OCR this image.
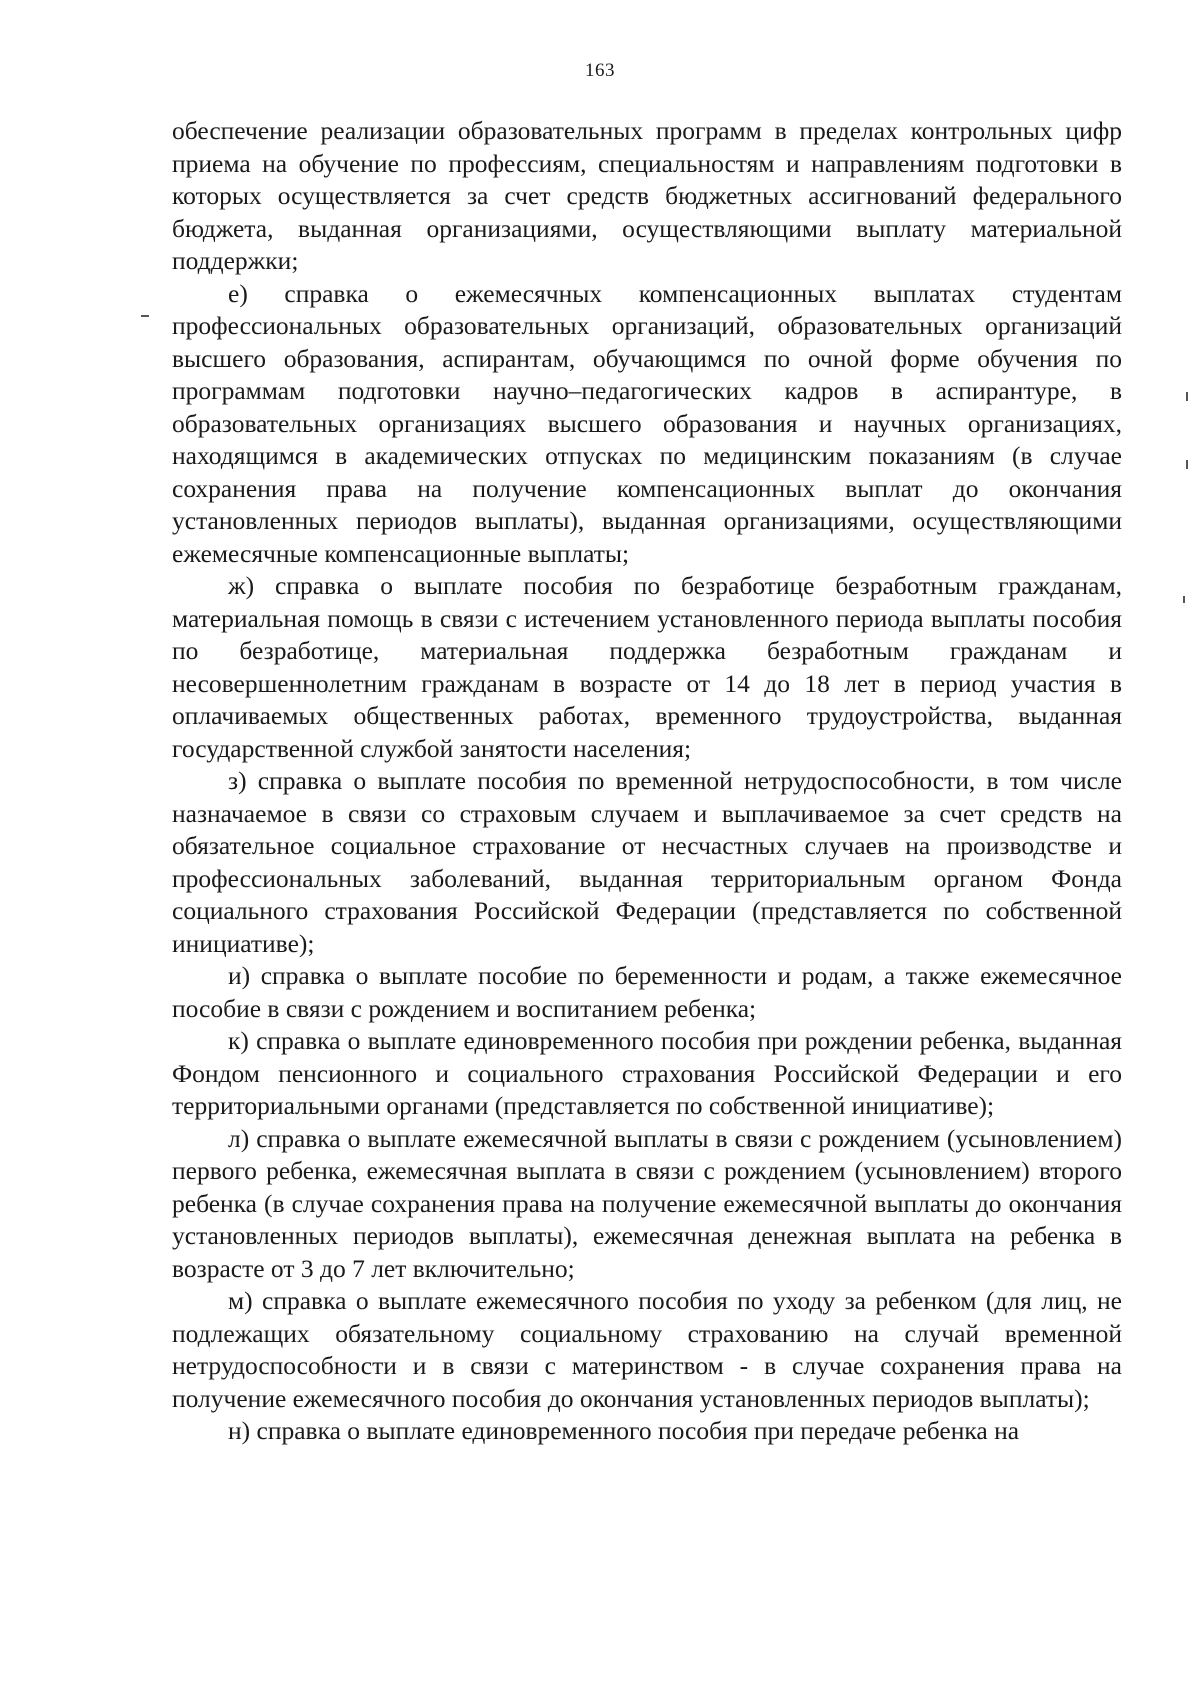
163

обеспечение реализации образовательных программ в пределах контрольных цифр приема на обучение по профессиям, специальностям и направлениям подготовки в которых осуществляется за счет средств бюджетных ассигнований федерального бюджета, выданная организациями, осуществляющими выплату материальной поддержки;

е) справка о ежемесячных компенсационных выплатах студентам профессиональных образовательных организаций, образовательных организаций высшего образования, аспирантам, обучающимся по очной форме обучения по программам подготовки научно–педагогических кадров в аспирантуре, в образовательных организациях высшего образования и научных организациях, находящимся в академических отпусках по медицинским показаниям (в случае сохранения права на получение компенсационных выплат до окончания установленных периодов выплаты), выданная организациями, осуществляющими ежемесячные компенсационные выплаты;

ж) справка о выплате пособия по безработице безработным гражданам, материальная помощь в связи с истечением установленного периода выплаты пособия по безработице, материальная поддержка безработным гражданам и несовершеннолетним гражданам в возрасте от 14 до 18 лет в период участия в оплачиваемых общественных работах, временного трудоустройства, выданная государственной службой занятости населения;

з) справка о выплате пособия по временной нетрудоспособности, в том числе назначаемое в связи со страховым случаем и выплачиваемое за счет средств на обязательное социальное страхование от несчастных случаев на производстве и профессиональных заболеваний, выданная территориальным органом Фонда социального страхования Российской Федерации (представляется по собственной инициативе);

и) справка о выплате пособие по беременности и родам, а также ежемесячное пособие в связи с рождением и воспитанием ребенка;

к) справка о выплате единовременного пособия при рождении ребенка, выданная Фондом пенсионного и социального страхования Российской Федерации и его территориальными органами (представляется по собственной инициативе);

л) справка о выплате ежемесячной выплаты в связи с рождением (усыновлением) первого ребенка, ежемесячная выплата в связи с рождением (усыновлением) второго ребенка (в случае сохранения права на получение ежемесячной выплаты до окончания установленных периодов выплаты), ежемесячная денежная выплата на ребенка в возрасте от 3 до 7 лет включительно;

м) справка о выплате ежемесячного пособия по уходу за ребенком (для лиц, не подлежащих обязательному социальному страхованию на случай временной нетрудоспособности и в связи с материнством - в случае сохранения права на получение ежемесячного пособия до окончания установленных периодов выплаты);

н) справка о выплате единовременного пособия при передаче ребенка на
